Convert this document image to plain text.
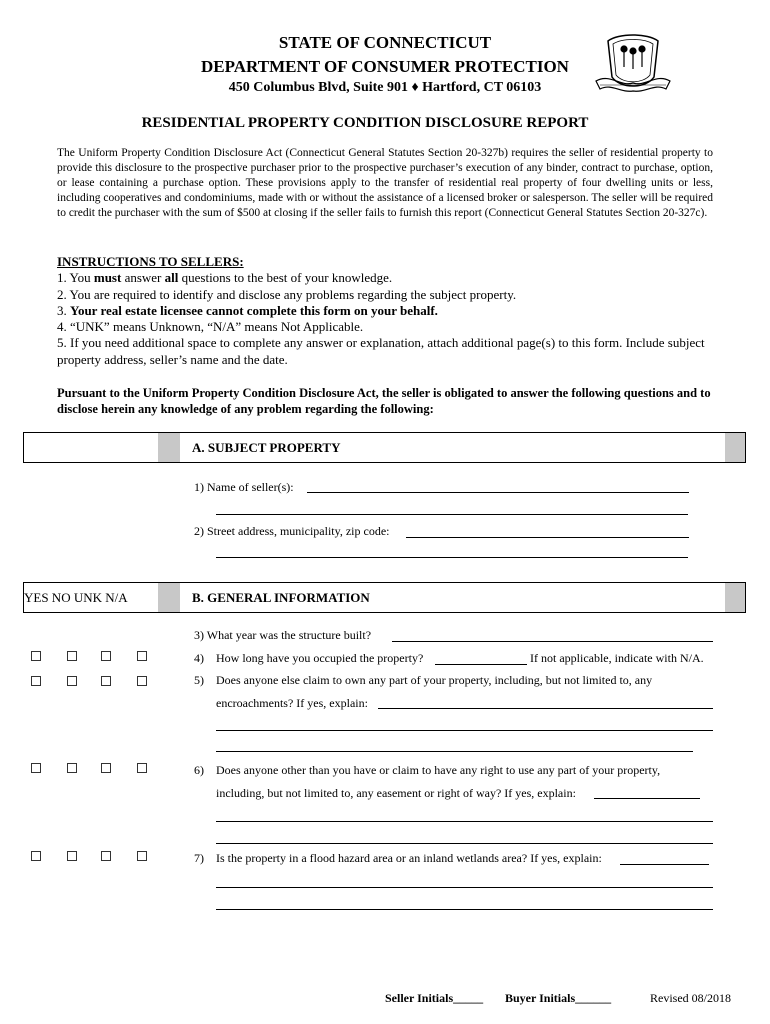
STATE OF CONNECTICUT
DEPARTMENT OF CONSUMER PROTECTION
450 Columbus Blvd, Suite 901 ♦ Hartford, CT 06103
RESIDENTIAL PROPERTY CONDITION DISCLOSURE REPORT
The Uniform Property Condition Disclosure Act (Connecticut General Statutes Section 20-327b) requires the seller of residential property to provide this disclosure to the prospective purchaser prior to the prospective purchaser’s execution of any binder, contract to purchase, option, or lease containing a purchase option. These provisions apply to the transfer of residential real property of four dwelling units or less, including cooperatives and condominiums, made with or without the assistance of a licensed broker or salesperson. The seller will be required to credit the purchaser with the sum of $500 at closing if the seller fails to furnish this report (Connecticut General Statutes Section 20-327c).
INSTRUCTIONS TO SELLERS:
1. You must answer all questions to the best of your knowledge.
2. You are required to identify and disclose any problems regarding the subject property.
3. Your real estate licensee cannot complete this form on your behalf.
4. “UNK” means Unknown, “N/A” means Not Applicable.
5. If you need additional space to complete any answer or explanation, attach additional page(s) to this form. Include subject property address, seller’s name and the date.
Pursuant to the Uniform Property Condition Disclosure Act, the seller is obligated to answer the following questions and to disclose herein any knowledge of any problem regarding the following:
A. SUBJECT PROPERTY
1) Name of seller(s):
2) Street address, municipality, zip code:
YES NO UNK N/A	B. GENERAL INFORMATION
3) What year was the structure built?
4) How long have you occupied the property?	If not applicable, indicate with N/A.
5) Does anyone else claim to own any part of your property, including, but not limited to, any
encroachments? If yes, explain:
6) Does anyone other than you have or claim to have any right to use any part of your property,
including, but not limited to, any easement or right of way? If yes, explain:
7) Is the property in a flood hazard area or an inland wetlands area? If yes, explain:
Seller Initials_____ Buyer Initials______	Revised 08/2018
